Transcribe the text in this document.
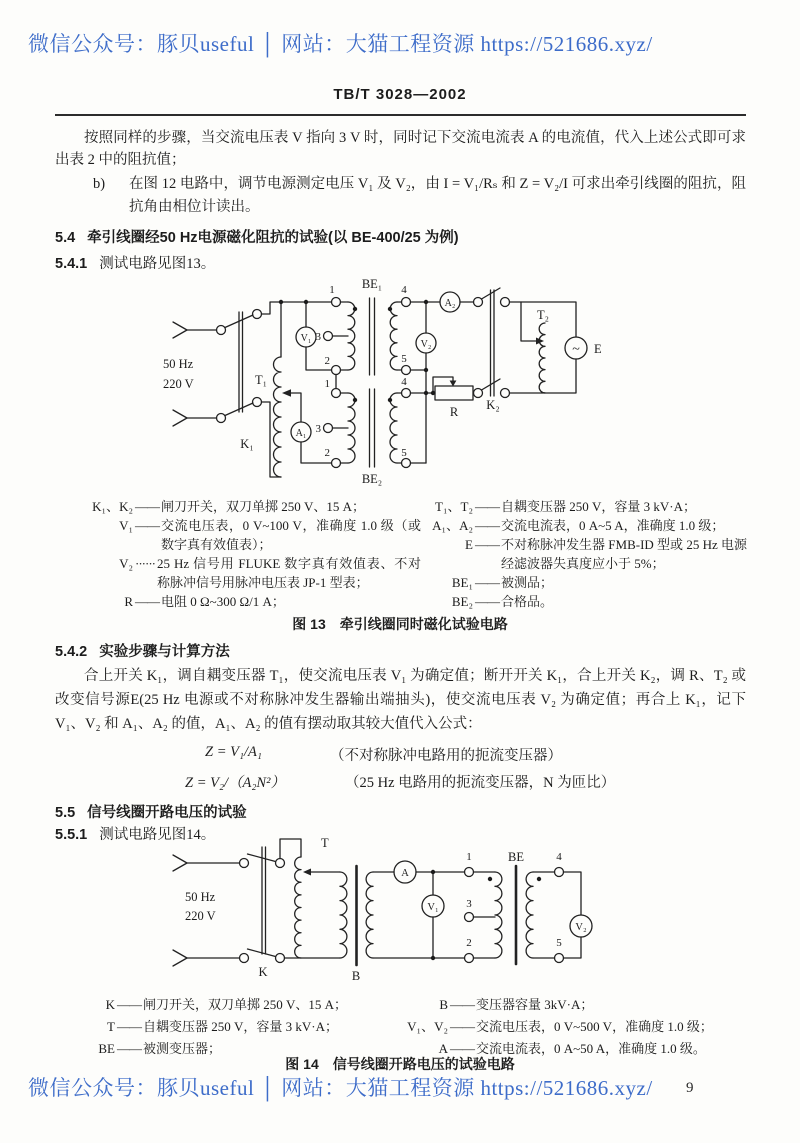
微信公众号：豚贝useful │ 网站：大猫工程资源 https://521686.xyz/
微信公众号：豚贝useful │ 网站：大猫工程资源 https://521686.xyz/ 9
TB/T 3028—2002
按照同样的步骤，当交流电压表 V 指向 3 V 时，同时记下交流电流表 A 的电流值，代入上述公式即可求出表 2 中的阻抗值；
b)	在图 12 电路中，调节电源测定电压 V₁ 及 V₂，由 I = V₁/Rₛ 和 Z = V₂/I 可求出牵引线圈的阻抗，阻抗角由相位计读出。
5.4 牵引线圈经50 Hz电源磁化阻抗的试验(以 BE-400/25 为例)
5.4.1 测试电路见图13。
50 Hz
220 V
K₁
T₁
V₁
A₁
BE₁
BE₂
1
3
2
4
5
1
3
2
4
5
A₂
V₂
R K₂
T₂
~ E
K₁、K₂ —— 闸刀开关，双刀单掷 250 V、15 A；
V₁ —— 交流电压表，0 V~100 V，准确度 1.0 级（或数字真有效值表）；
V₂ ······ 25 Hz 信号用 FLUKE 数字真有效值表、不对称脉冲信号用脉冲电压表 JP-1 型表；
R —— 电阻 0 Ω~300 Ω/1 A；
T₁、T₂ —— 自耦变压器 250 V，容量 3 kV·A；
A₁、A₂ —— 交流电流表，0 A~5 A，准确度 1.0 级；
E —— 不对称脉冲发生器 FMB-ID 型或 25 Hz 电源经滤波器失真度应小于 5%；
BE₁ —— 被测品；
BE₂ —— 合格品。
图 13　牵引线圈同时磁化试验电路
5.4.2 实验步骤与计算方法
合上开关 K₁，调自耦变压器 T₁，使交流电压表 V₁ 为确定值；断开开关 K₁，合上开关 K₂，调 R、T₂ 或改变信号源E(25 Hz 电源或不对称脉冲发生器输出端抽头)，使交流电压表 V₂ 为确定值；再合上 K₁，记下 V₁、V₂ 和 A₁、A₂ 的值，A₁、A₂ 的值有摆动取其较大值代入公式：
Z = V₁/A₁	（不对称脉冲电路用的扼流变压器）
Z = V₂/（A₂N²）	（25 Hz 电路用的扼流变压器，N 为匝比）
5.5 信号线圈开路电压的试验
5.5.1 测试电路见图14。
50 Hz
220 V
K
T
B
A
V₁
BE
1
3
2
4
5
V₂
K —— 闸刀开关，双刀单掷 250 V、15 A；
T —— 自耦变压器 250 V，容量 3 kV·A；
BE —— 被测变压器；
B —— 变压器容量 3kV·A；
V₁、V₂ —— 交流电压表，0 V~500 V，准确度 1.0 级；
A —— 交流电流表，0 A~50 A，准确度 1.0 级。
图 14　信号线圈开路电压的试验电路
